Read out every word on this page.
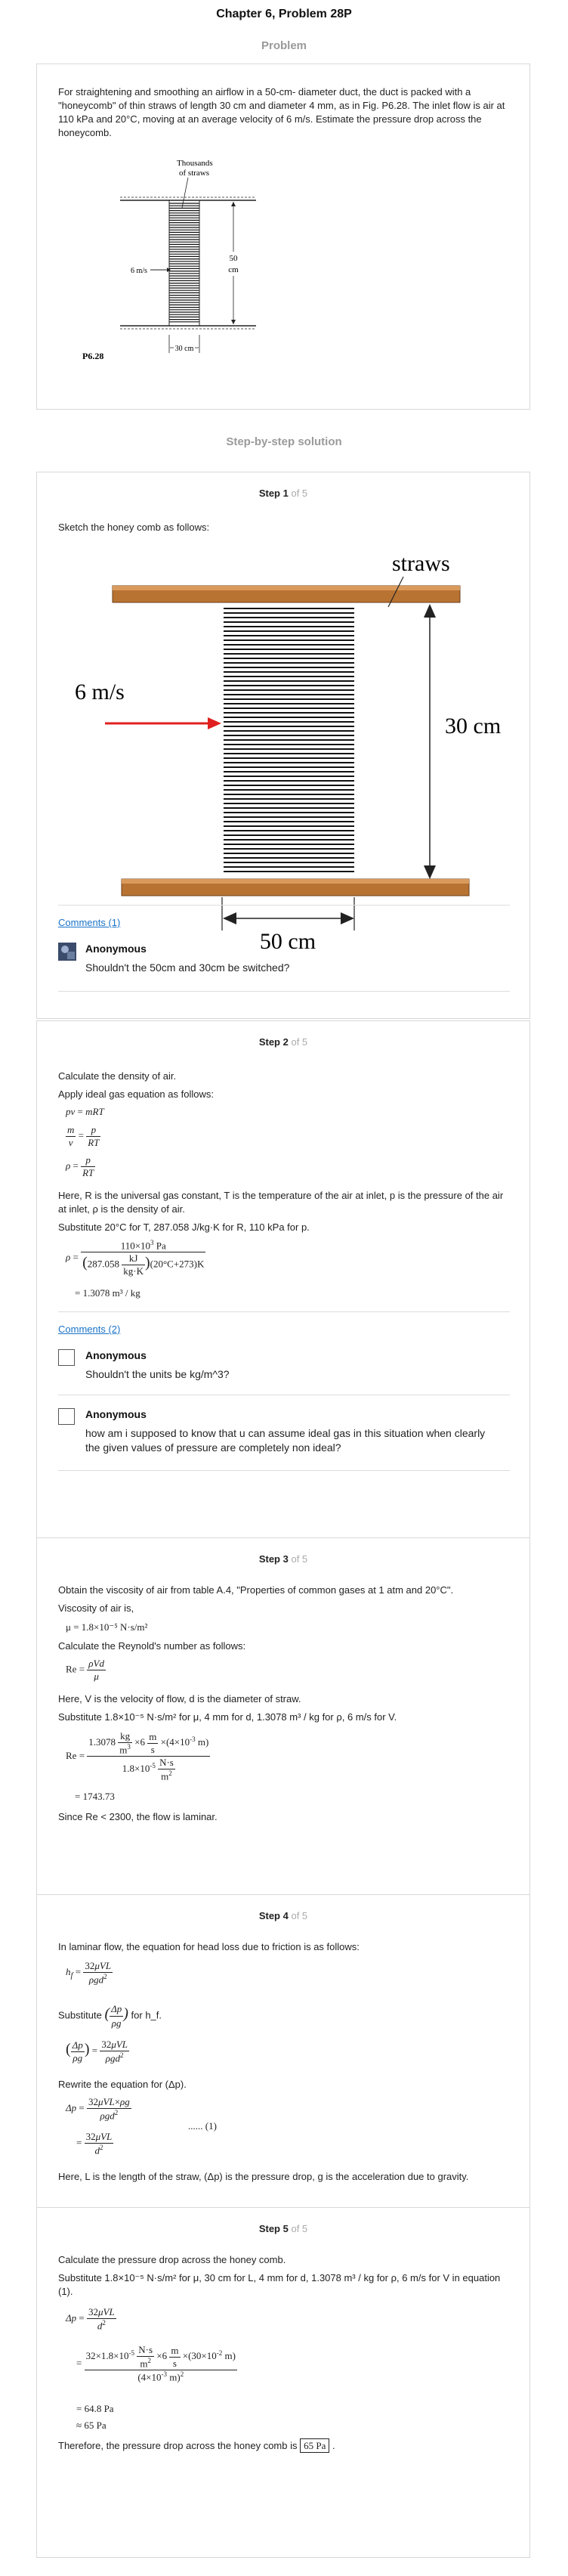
Chapter 6, Problem 28P
Problem
For straightening and smoothing an airflow in a 50-cm- diameter duct, the duct is packed with a "honeycomb" of thin straws of length 30 cm and diameter 4 mm, as in Fig. P6.28. The inlet flow is air at 110 kPa and 20°C, moving at an average velocity of 6 m/s. Estimate the pressure drop across the honeycomb.
Thousands
of straws
6 m/s
50
cm
30 cm
P6.28
Step-by-step solution
Step 1 of 5
Sketch the honey comb as follows:
straws
6 m/s
30 cm
50 cm
Comments (1)
Anonymous
Shouldn't the 50cm and 30cm be switched?
Step 2 of 5
Calculate the density of air.
Apply ideal gas equation as follows:
pv = mRT
$\frac{m}{v} = \frac{p}{RT}$
$\rho = \frac{p}{RT}$
Here, R is the universal gas constant, T is the temperature of the air at inlet, p is the pressure of the air at inlet, ρ is the density of air.
Substitute 20°C for T, 287.058 J/kg·K for R, 110 kPa for p.
$\rho = \frac{110\times 10^3 Pa}{(287.058 \frac{kJ}{kg\cdot K} )(20^\circ C+273)K}$
= 1.3078 m³ / kg
Comments (2)
Anonymous
Shouldn't the units be kg/m^3?
Anonymous
how am i supposed to know that u can assume ideal gas in this situation when clearly the given values of pressure are completely non ideal?
Step 3 of 5
Obtain the viscosity of air from table A.4, "Properties of common gases at 1 atm and 20°C".
Viscosity of air is,
μ = 1.8×10⁻⁵ N·s/m²
Calculate the Reynold's number as follows:
$Re = \frac{\text{ρVd}}{\mu}$
Here, V is the velocity of flow, d is the diameter of straw.
Substitute 1.8×10⁻⁵ N·s/m² for μ, 4 mm for d, 1.3078 m³ / kg for ρ, 6 m/s for V.
$Re = \frac{1.3078 \frac{kg}{m^3} \times 6 \frac{m}{s} \times(4\times 10^{-3} m)}{1.8\times 10^{-5} \frac{N\cdot s}{m^2}}$
= 1743.73
Since Re < 2300, the flow is laminar.
Step 4 of 5
In laminar flow, the equation for head loss due to friction is as follows:
$h_f = \frac{\text{32μVL}}{\rho gd^2}$
Substitute ( $\frac{\Delta p}{\rho g}$ ) for h_f.
( $\frac{\Delta p}{\rho g}$ ) = $\frac{\text{32μVL}}{\rho gd^2}$
Rewrite the equation for (Δp).
$\Delta p = \frac{\text{32μVL×ρg}}{\rho gd^2}$
= $\frac{\text{32μVL}}{d^2}$
...... (1)
Here, L is the length of the straw, (Δp) is the pressure drop, g is the acceleration due to gravity.
Step 5 of 5
Calculate the pressure drop across the honey comb.
Substitute 1.8×10⁻⁵ N·s/m² for μ, 30 cm for L, 4 mm for d, 1.3078 m³ / kg for ρ, 6 m/s for V in equation (1).
$\Delta p = \frac{\text{32μVL}}{d^2}$
= $\frac{32\times 1.8\times 10^{-5} \frac{N\cdot s}{m^2} \times 6 \frac{m}{s} \times(30\times 10^{-2} m)}{(4\times 10^{-3} m)^2}$
= 64.8 Pa
≈ 65 Pa
Therefore, the pressure drop across the honey comb is 65 Pa .
